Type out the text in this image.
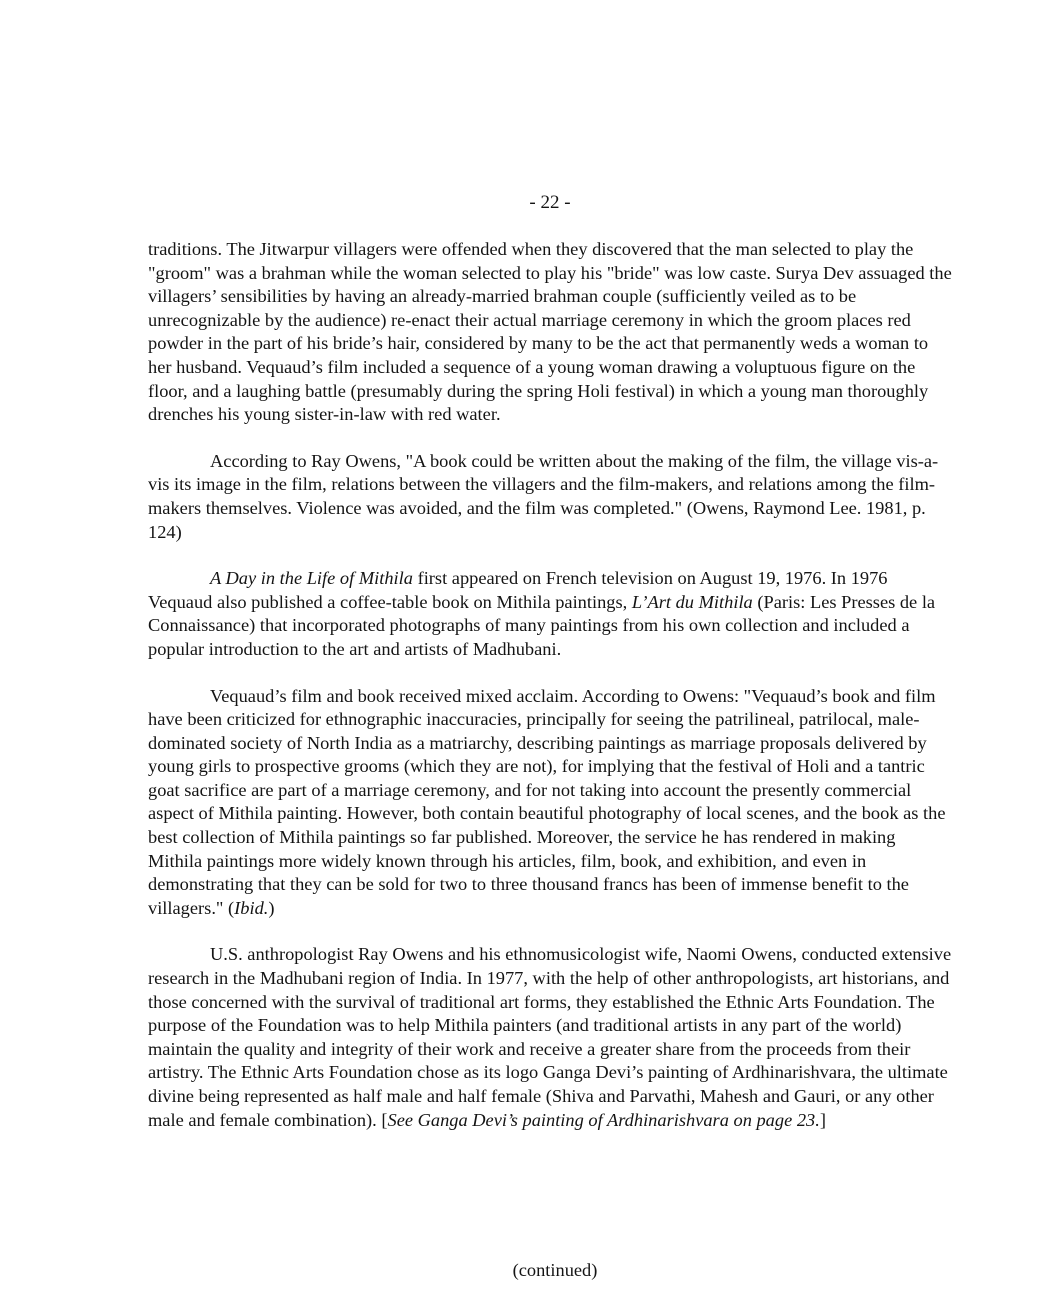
- 22 -

traditions. The Jitwarpur villagers were offended when they discovered that the man selected to play the "groom" was a brahman while the woman selected to play his "bride" was low caste. Surya Dev assuaged the villagers’ sensibilities by having an already-married brahman couple (sufficiently veiled as to be unrecognizable by the audience) re-enact their actual marriage ceremony in which the groom places red powder in the part of his bride’s hair, considered by many to be the act that permanently weds a woman to her husband. Vequaud’s film included a sequence of a young woman drawing a voluptuous figure on the floor, and a laughing battle (presumably during the spring Holi festival) in which a young man thoroughly drenches his young sister-in-law with red water.

According to Ray Owens, "A book could be written about the making of the film, the village vis-a-vis its image in the film, relations between the villagers and the film-makers, and relations among the film-makers themselves. Violence was avoided, and the film was completed." (Owens, Raymond Lee. 1981, p. 124)

A Day in the Life of Mithila first appeared on French television on August 19, 1976. In 1976 Vequaud also published a coffee-table book on Mithila paintings, L’Art du Mithila (Paris: Les Presses de la Connaissance) that incorporated photographs of many paintings from his own collection and included a popular introduction to the art and artists of Madhubani.

Vequaud’s film and book received mixed acclaim. According to Owens: "Vequaud’s book and film have been criticized for ethnographic inaccuracies, principally for seeing the patrilineal, patrilocal, male-dominated society of North India as a matriarchy, describing paintings as marriage proposals delivered by young girls to prospective grooms (which they are not), for implying that the festival of Holi and a tantric goat sacrifice are part of a marriage ceremony, and for not taking into account the presently commercial aspect of Mithila painting. However, both contain beautiful photography of local scenes, and the book as the best collection of Mithila paintings so far published. Moreover, the service he has rendered in making Mithila paintings more widely known through his articles, film, book, and exhibition, and even in demonstrating that they can be sold for two to three thousand francs has been of immense benefit to the villagers." (Ibid.)

U.S. anthropologist Ray Owens and his ethnomusicologist wife, Naomi Owens, conducted extensive research in the Madhubani region of India. In 1977, with the help of other anthropologists, art historians, and those concerned with the survival of traditional art forms, they established the Ethnic Arts Foundation. The purpose of the Foundation was to help Mithila painters (and traditional artists in any part of the world) maintain the quality and integrity of their work and receive a greater share from the proceeds from their artistry. The Ethnic Arts Foundation chose as its logo Ganga Devi’s painting of Ardhinarishvara, the ultimate divine being represented as half male and half female (Shiva and Parvathi, Mahesh and Gauri, or any other male and female combination). [See Ganga Devi’s painting of Ardhinarishvara on page 23.]

(continued)
